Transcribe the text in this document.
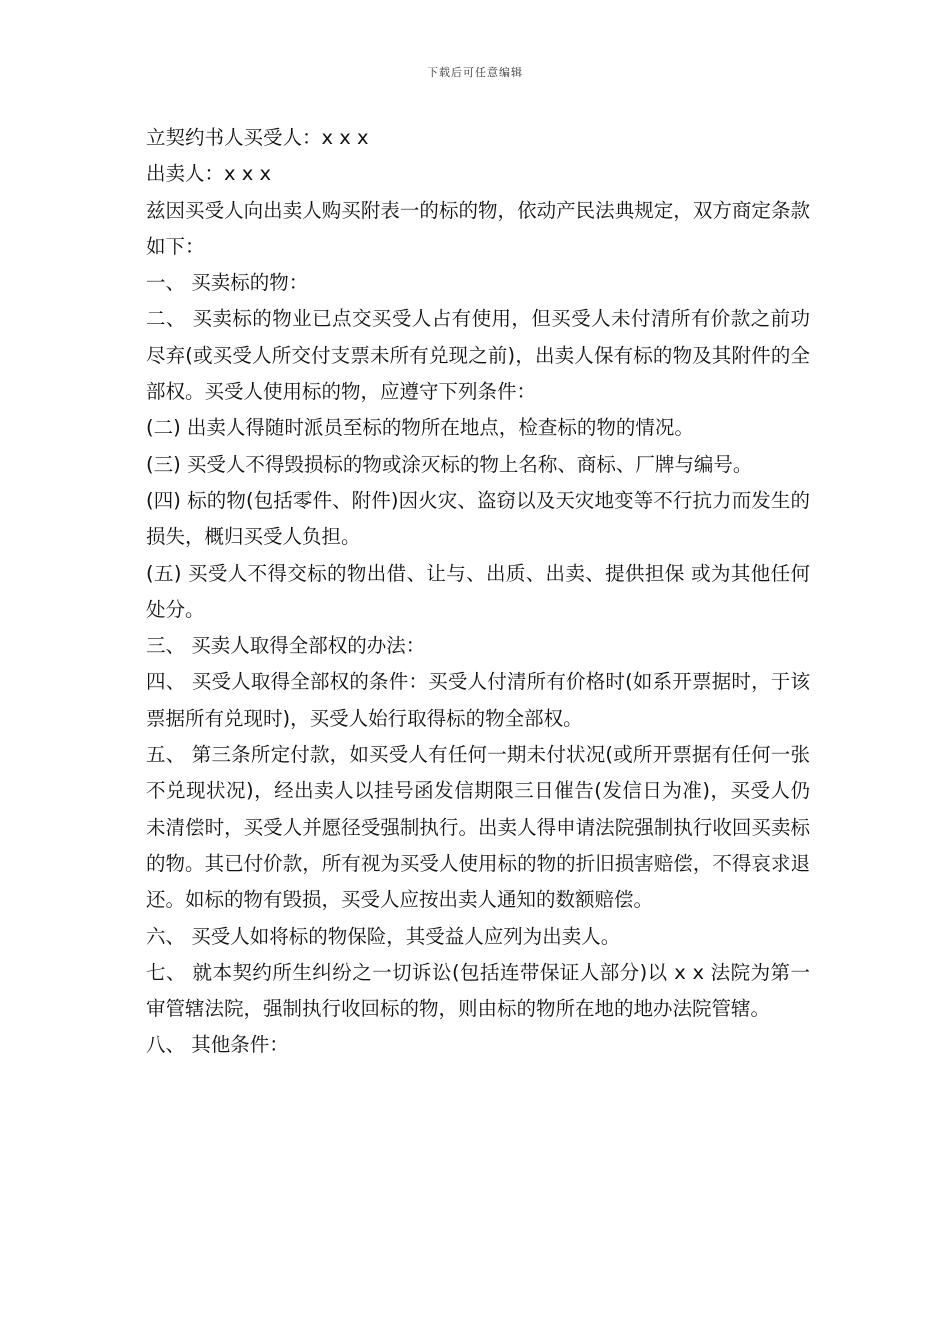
下载后可任意编辑

立契约书人买受人：x x x

出卖人：x x x

兹因买受人向出卖人购买附表一的标的物，依动产民法典规定，双方商定条款如下：

一、 买卖标的物：

二、 买卖标的物业已点交买受人占有使用，但买受人未付清所有价款之前功尽弃(或买受人所交付支票未所有兑现之前)，出卖人保有标的物及其附件的全部权。买受人使用标的物，应遵守下列条件：

(二) 出卖人得随时派员至标的物所在地点，检查标的物的情况。

(三) 买受人不得毁损标的物或涂灭标的物上名称、商标、厂牌与编号。

(四) 标的物(包括零件、附件)因火灾、盗窃以及天灾地变等不行抗力而发生的损失，概归买受人负担。

(五) 买受人不得交标的物出借、让与、出质、出卖、提供担保 或为其他任何处分。

三、 买卖人取得全部权的办法：

四、 买受人取得全部权的条件：买受人付清所有价格时(如系开票据时，于该票据所有兑现时)，买受人始行取得标的物全部权。

五、 第三条所定付款，如买受人有任何一期未付状况(或所开票据有任何一张不兑现状况)，经出卖人以挂号函发信期限三日催告(发信日为准)，买受人仍未清偿时，买受人并愿径受强制执行。出卖人得申请法院强制执行收回买卖标的物。其已付价款，所有视为买受人使用标的物的折旧损害赔偿，不得哀求退还。如标的物有毁损，买受人应按出卖人通知的数额赔偿。

六、 买受人如将标的物保险，其受益人应列为出卖人。

七、 就本契约所生纠纷之一切诉讼(包括连带保证人部分)以 x x 法院为第一审管辖法院，强制执行收回标的物，则由标的物所在地的地办法院管辖。

八、 其他条件：
